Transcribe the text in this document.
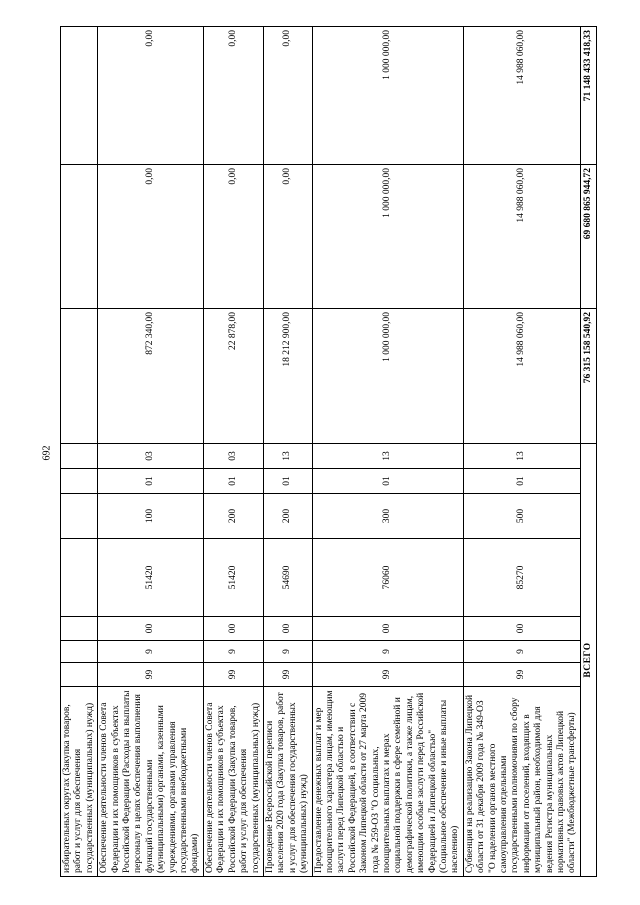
692
избирательных округах (Закупка товаров, работ и услуг для обеспечения государственных (муниципальных) нужд)										
Обеспечение деятельности членов Совета Федерации и их помощников в субъектах Российской Федерации (Расходы на выплаты персоналу в целях обеспечения выполнения функций государственными (муниципальными) органами, казенными учреждениями, органами управления государственными внебюджетными фондами)	99	9	00	51420	100	01	03	872 340,00	0,00	0,00
Обеспечение деятельности членов Совета Федерации и их помощников в субъектах Российской Федерации (Закупка товаров, работ и услуг для обеспечения государственных (муниципальных) нужд)	99	9	00	51420	200	01	03	22 878,00	0,00	0,00
Проведение Всероссийской переписи населения 2020 года (Закупка товаров, работ и услуг для обеспечения государственных (муниципальных) нужд)	99	9	00	54690	200	01	13	18 212 900,00	0,00	0,00
Предоставление денежных выплат и мер поощрительного характера лицам, имеющим заслуги перед Липецкой областью и Российской Федерацией, в соответствии с Законом Липецкой области от 27 марта 2009 года № 259-ОЗ "О социальных, поощрительных выплатах и мерах социальной поддержки в сфере семейной и демографической политики, а также лицам, имеющим особые заслуги перед Российской Федерацией и Липецкой областью" (Социальное обеспечение и иные выплаты населению)	99	9	00	76060	300	01	13	1 000 000,00	1 000 000,00	1 000 000,00
Субвенция на реализацию Закона Липецкой области от 31 декабря 2009 года № 349-ОЗ "О наделении органов местного самоуправления отдельными государственными полномочиями по сбору информации от поселений, входящих в муниципальный район, необходимой для ведения Регистра муниципальных нормативных правовых актов Липецкой области" (Межбюджетные трансферты)	99	9	00	85270	500	01	13	14 988 060,00	14 988 060,00	14 988 060,00
ВСЕГО								76 315 158 540,92	69 680 865 944,72	71 148 433 418,33
